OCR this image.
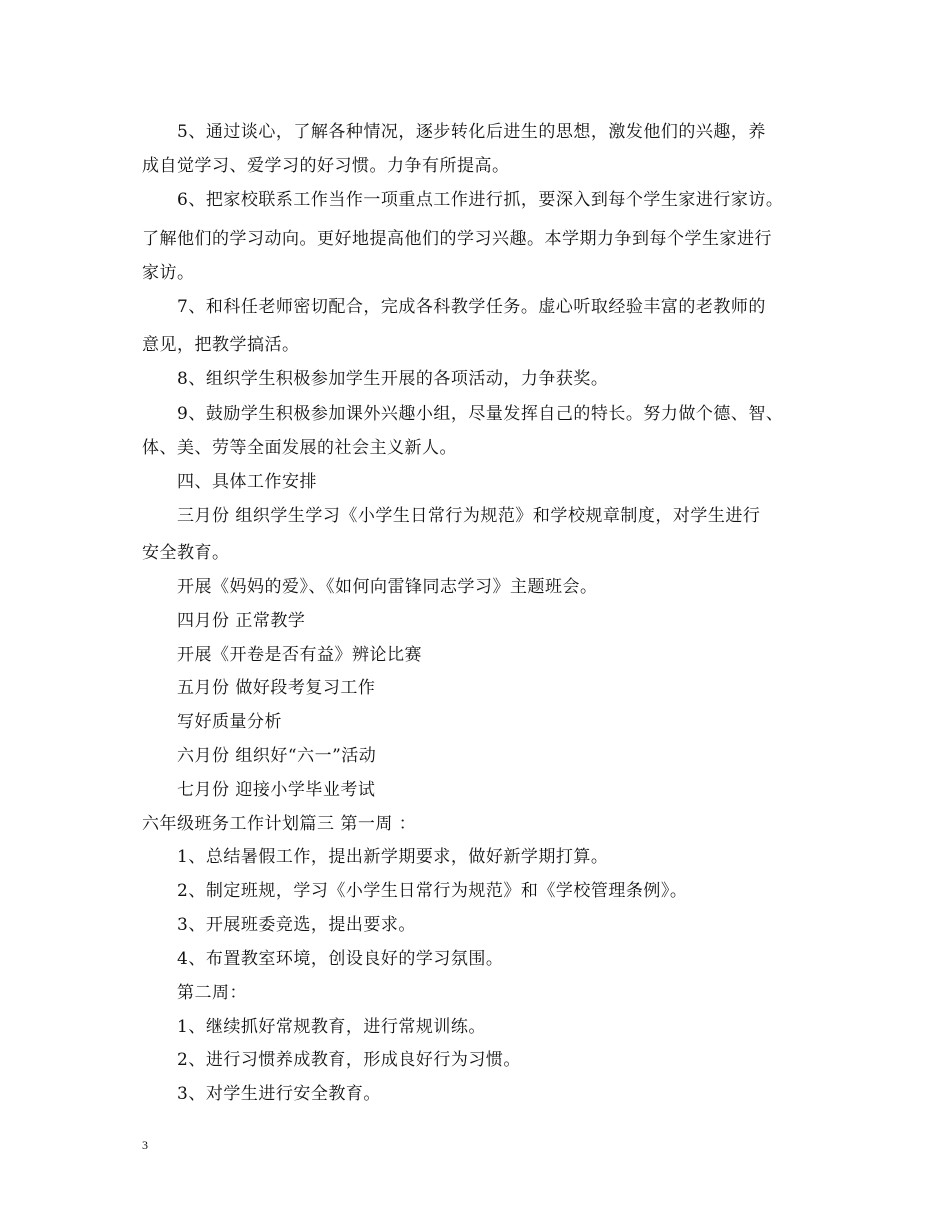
5、通过谈心，了解各种情况，逐步转化后进生的思想，激发他们的兴趣，养
成自觉学习、爱学习的好习惯。力争有所提高。
6、把家校联系工作当作一项重点工作进行抓，要深入到每个学生家进行家访。
了解他们的学习动向。更好地提高他们的学习兴趣。本学期力争到每个学生家进行
家访。
7、和科任老师密切配合，完成各科教学任务。虚心听取经验丰富的老教师的
意见，把教学搞活。
8、组织学生积极参加学生开展的各项活动，力争获奖。
9、鼓励学生积极参加课外兴趣小组，尽量发挥自己的特长。努力做个德、智、
体、美、劳等全面发展的社会主义新人。
四、具体工作安排
三月份 组织学生学习《小学生日常行为规范》和学校规章制度，对学生进行
安全教育。
开展《妈妈的爱》、《如何向雷锋同志学习》主题班会。
四月份 正常教学
开展《开卷是否有益》辨论比赛
五月份 做好段考复习工作
写好质量分析
六月份 组织好“六一”活动
七月份 迎接小学毕业考试
六年级班务工作计划篇三 第一周 ：
1、总结暑假工作，提出新学期要求，做好新学期打算。
2、制定班规，学习《小学生日常行为规范》和《学校管理条例》。
3、开展班委竞选，提出要求。
4、布置教室环境，创设良好的学习氛围。
第二周：
1、继续抓好常规教育，进行常规训练。
2、进行习惯养成教育，形成良好行为习惯。
3、对学生进行安全教育。
3
